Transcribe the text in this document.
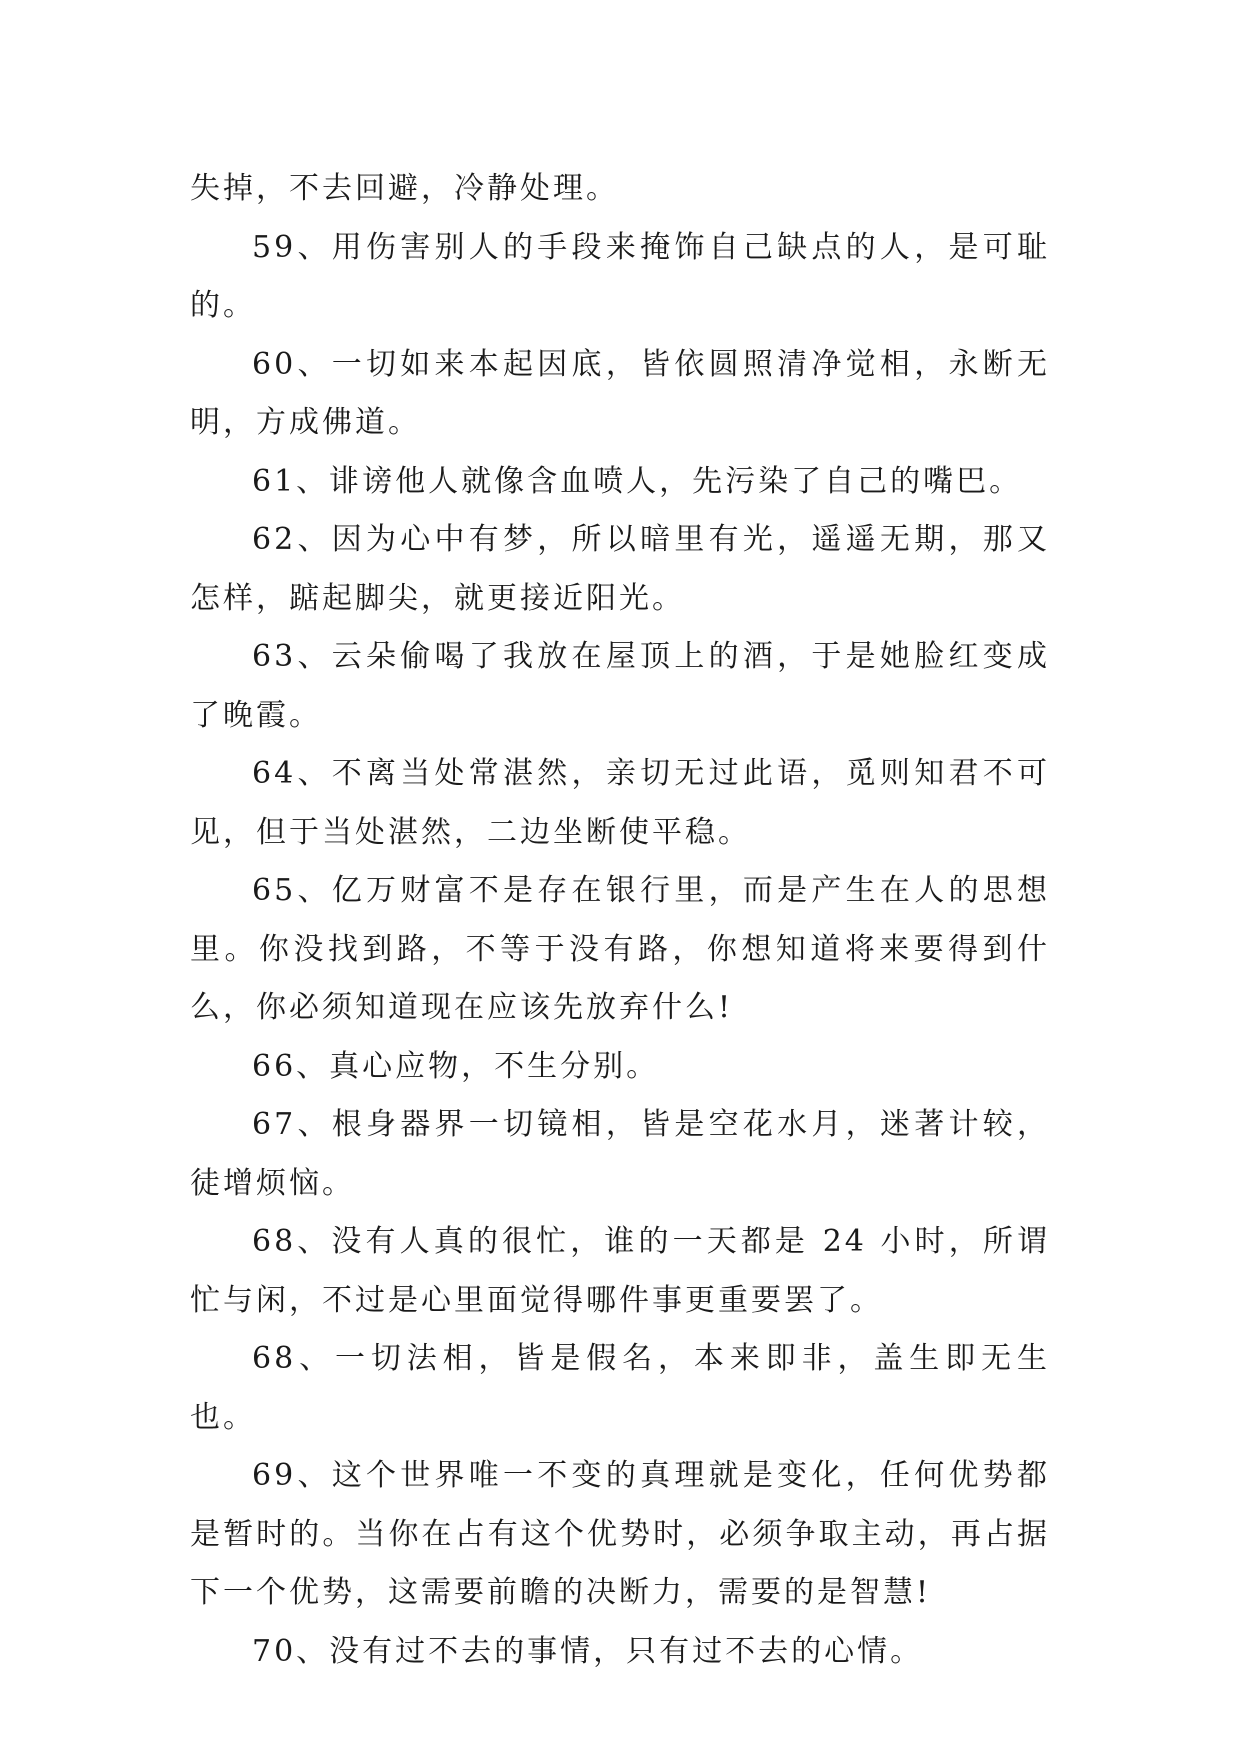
失掉，不去回避，冷静处理。

59、用伤害别人的手段来掩饰自己缺点的人，是可耻的。

60、一切如来本起因底，皆依圆照清净觉相，永断无明，方成佛道。

61、诽谤他人就像含血喷人，先污染了自己的嘴巴。

62、因为心中有梦，所以暗里有光，遥遥无期，那又怎样，踮起脚尖，就更接近阳光。

63、云朵偷喝了我放在屋顶上的酒，于是她脸红变成了晚霞。

64、不离当处常湛然，亲切无过此语，觅则知君不可见，但于当处湛然，二边坐断使平稳。

65、亿万财富不是存在银行里，而是产生在人的思想里。你没找到路，不等于没有路，你想知道将来要得到什么，你必须知道现在应该先放弃什么!

66、真心应物，不生分别。

67、根身器界一切镜相，皆是空花水月，迷著计较，徒增烦恼。

68、没有人真的很忙，谁的一天都是 24 小时，所谓忙与闲，不过是心里面觉得哪件事更重要罢了。

68、一切法相，皆是假名，本来即非，盖生即无生也。

69、这个世界唯一不变的真理就是变化，任何优势都是暂时的。当你在占有这个优势时，必须争取主动，再占据下一个优势，这需要前瞻的决断力，需要的是智慧!

70、没有过不去的事情，只有过不去的心情。
